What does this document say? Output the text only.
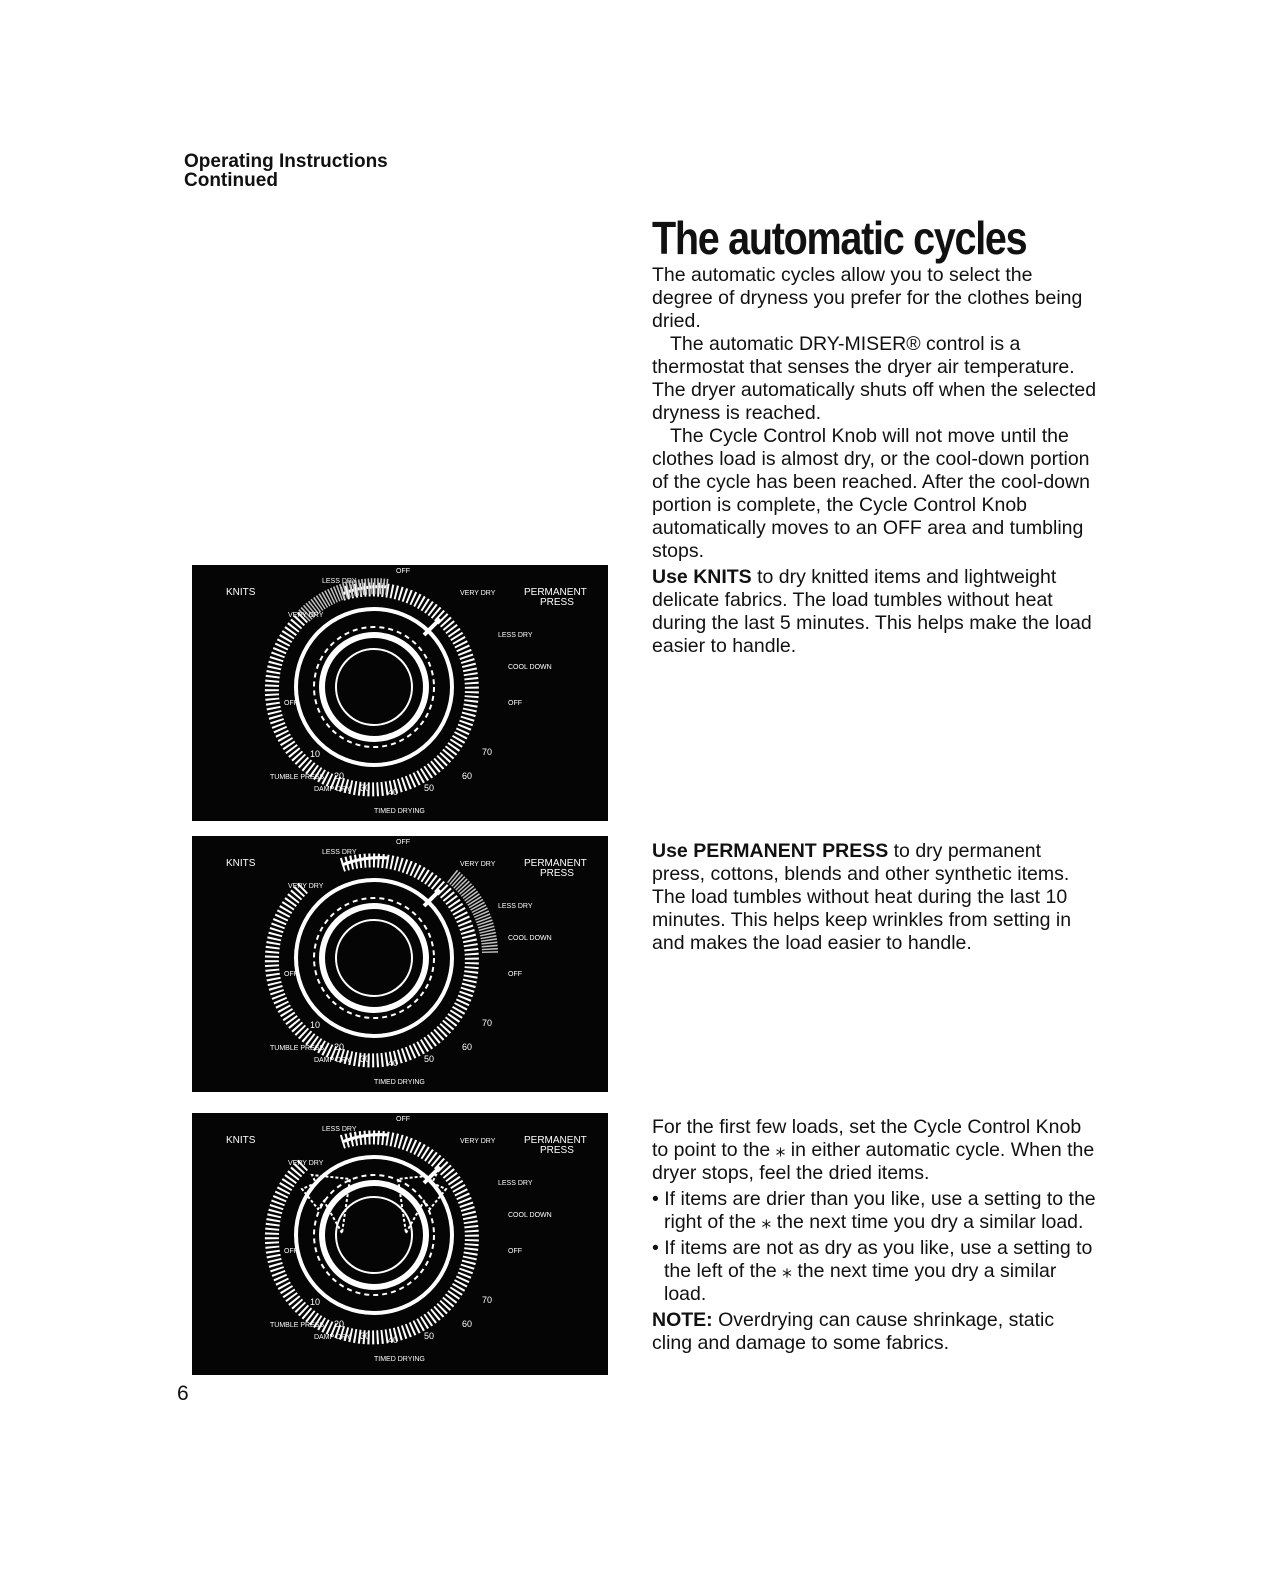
Operating Instructions
Continued
The automatic cycles

The automatic cycles allow you to select the degree of dryness you prefer for the clothes being dried.

The automatic DRY-MISER® control is a thermostat that senses the dryer air temperature. The dryer automatically shuts off when the selected dryness is reached.

The Cycle Control Knob will not move until the clothes load is almost dry, or the cool-down portion of the cycle has been reached. After the cool-down portion is complete, the Cycle Control Knob automatically moves to an OFF area and tumbling stops.

Use KNITS to dry knitted items and lightweight delicate fabrics. The load tumbles without heat during the last 5 minutes. This helps make the load easier to handle.

Use PERMANENT PRESS to dry permanent press, cottons, blends and other synthetic items. The load tumbles without heat during the last 10 minutes. This helps keep wrinkles from setting in and makes the load easier to handle.

For the first few loads, set the Cycle Control Knob to point to the ⁎ in either automatic cycle. When the dryer stops, feel the dried items.

• If items are drier than you like, use a setting to the right of the ⁎ the next time you dry a similar load.

• If items are not as dry as you like, use a setting to the left of the ⁎ the next time you dry a similar load.

NOTE: Overdrying can cause shrinkage, static cling and damage to some fabrics.

KNITS
LESS DRY
OFF
VERY DRY
VERY DRY	PERMANENT
PRESS
LESS DRY
COOL DOWN
OFF
OFF
10
TUMBLE PRESS 20
DAMP DRY 30 40	50
60
70
TIMED DRYING
KNITS
LESS DRY
OFF
VERY DRY
VERY DRY	PERMANENT
PRESS
LESS DRY
COOL DOWN
OFF
OFF
10
TUMBLE PRESS 20
DAMP DRY 30 40	50
60
70
TIMED DRYING
KNITS
LESS DRY
OFF
VERY DRY
VERY DRY	PERMANENT
PRESS
LESS DRY
COOL DOWN
OFF
OFF
10
TUMBLE PRESS 20
DAMP DRY 30 40	50
60
70
TIMED DRYING
6
